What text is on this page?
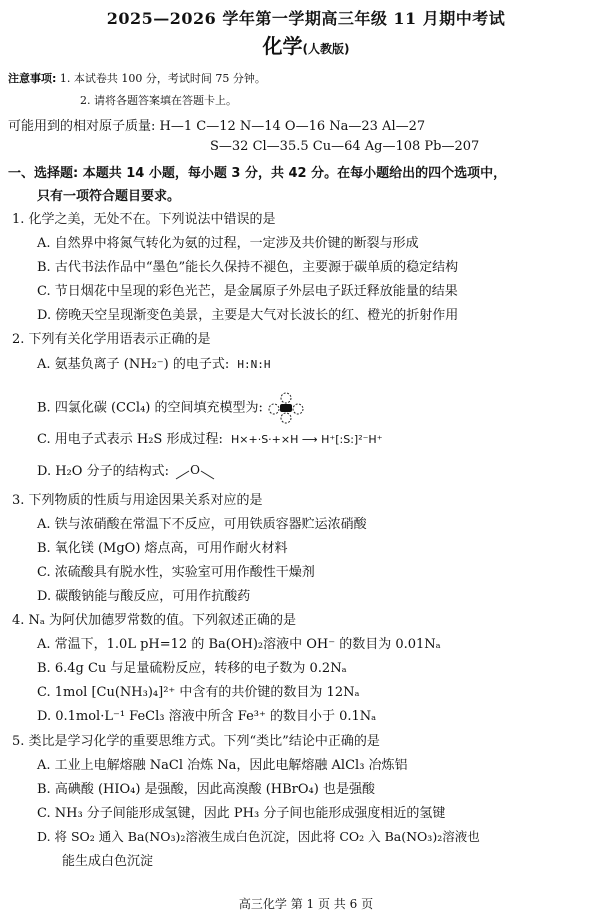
2025—2026 学年第一学期高三年级 11 月期中考试
化学(人教版)
注意事项: 1. 本试卷共 100 分，考试时间 75 分钟。
2. 请将各题答案填在答题卡上。
可能用到的相对原子质量: H—1 C—12 N—14 O—16 Na—23 Al—27
S—32 Cl—35.5 Cu—64 Ag—108 Pb—207
一、选择题: 本题共 14 小题，每小题 3 分，共 42 分。在每小题给出的四个选项中，
只有一项符合题目要求。
1. 化学之美，无处不在。下列说法中错误的是
A. 自然界中将氮气转化为氨的过程，一定涉及共价键的断裂与形成
B. 古代书法作品中“墨色”能长久保持不褪色，主要源于碳单质的稳定结构
C. 节日烟花中呈现的彩色光芒，是金属原子外层电子跃迁释放能量的结果
D. 傍晚天空呈现渐变色美景，主要是大气对长波长的红、橙光的折射作用
2. 下列有关化学用语表示正确的是
A. 氨基负离子 (NH₂⁻) 的电子式: H:N:H
B. 四氯化碳 (CCl₄) 的空间填充模型为:
C. 用电子式表示 H₂S 形成过程: H×+·S·+×H ⟶ H⁺[:S:]²⁻H⁺
D. H₂O 分子的结构式: O
3. 下列物质的性质与用途因果关系对应的是
A. 铁与浓硝酸在常温下不反应，可用铁质容器贮运浓硝酸
B. 氧化镁 (MgO) 熔点高，可用作耐火材料
C. 浓硫酸具有脱水性，实验室可用作酸性干燥剂
D. 碳酸钠能与酸反应，可用作抗酸药
4. Nₐ 为阿伏加德罗常数的值。下列叙述正确的是
A. 常温下，1.0L pH=12 的 Ba(OH)₂溶液中 OH⁻ 的数目为 0.01Nₐ
B. 6.4g Cu 与足量硫粉反应，转移的电子数为 0.2Nₐ
C. 1mol [Cu(NH₃)₄]²⁺ 中含有的共价键的数目为 12Nₐ
D. 0.1mol·L⁻¹ FeCl₃ 溶液中所含 Fe³⁺ 的数目小于 0.1Nₐ
5. 类比是学习化学的重要思维方式。下列“类比”结论中正确的是
A. 工业上电解熔融 NaCl 冶炼 Na，因此电解熔融 AlCl₃ 冶炼铝
B. 高碘酸 (HIO₄) 是强酸，因此高溴酸 (HBrO₄) 也是强酸
C. NH₃ 分子间能形成氢键，因此 PH₃ 分子间也能形成强度相近的氢键
D. 将 SO₂ 通入 Ba(NO₃)₂溶液生成白色沉淀，因此将 CO₂ 入 Ba(NO₃)₂溶液也
能生成白色沉淀
高三化学 第 1 页 共 6 页
